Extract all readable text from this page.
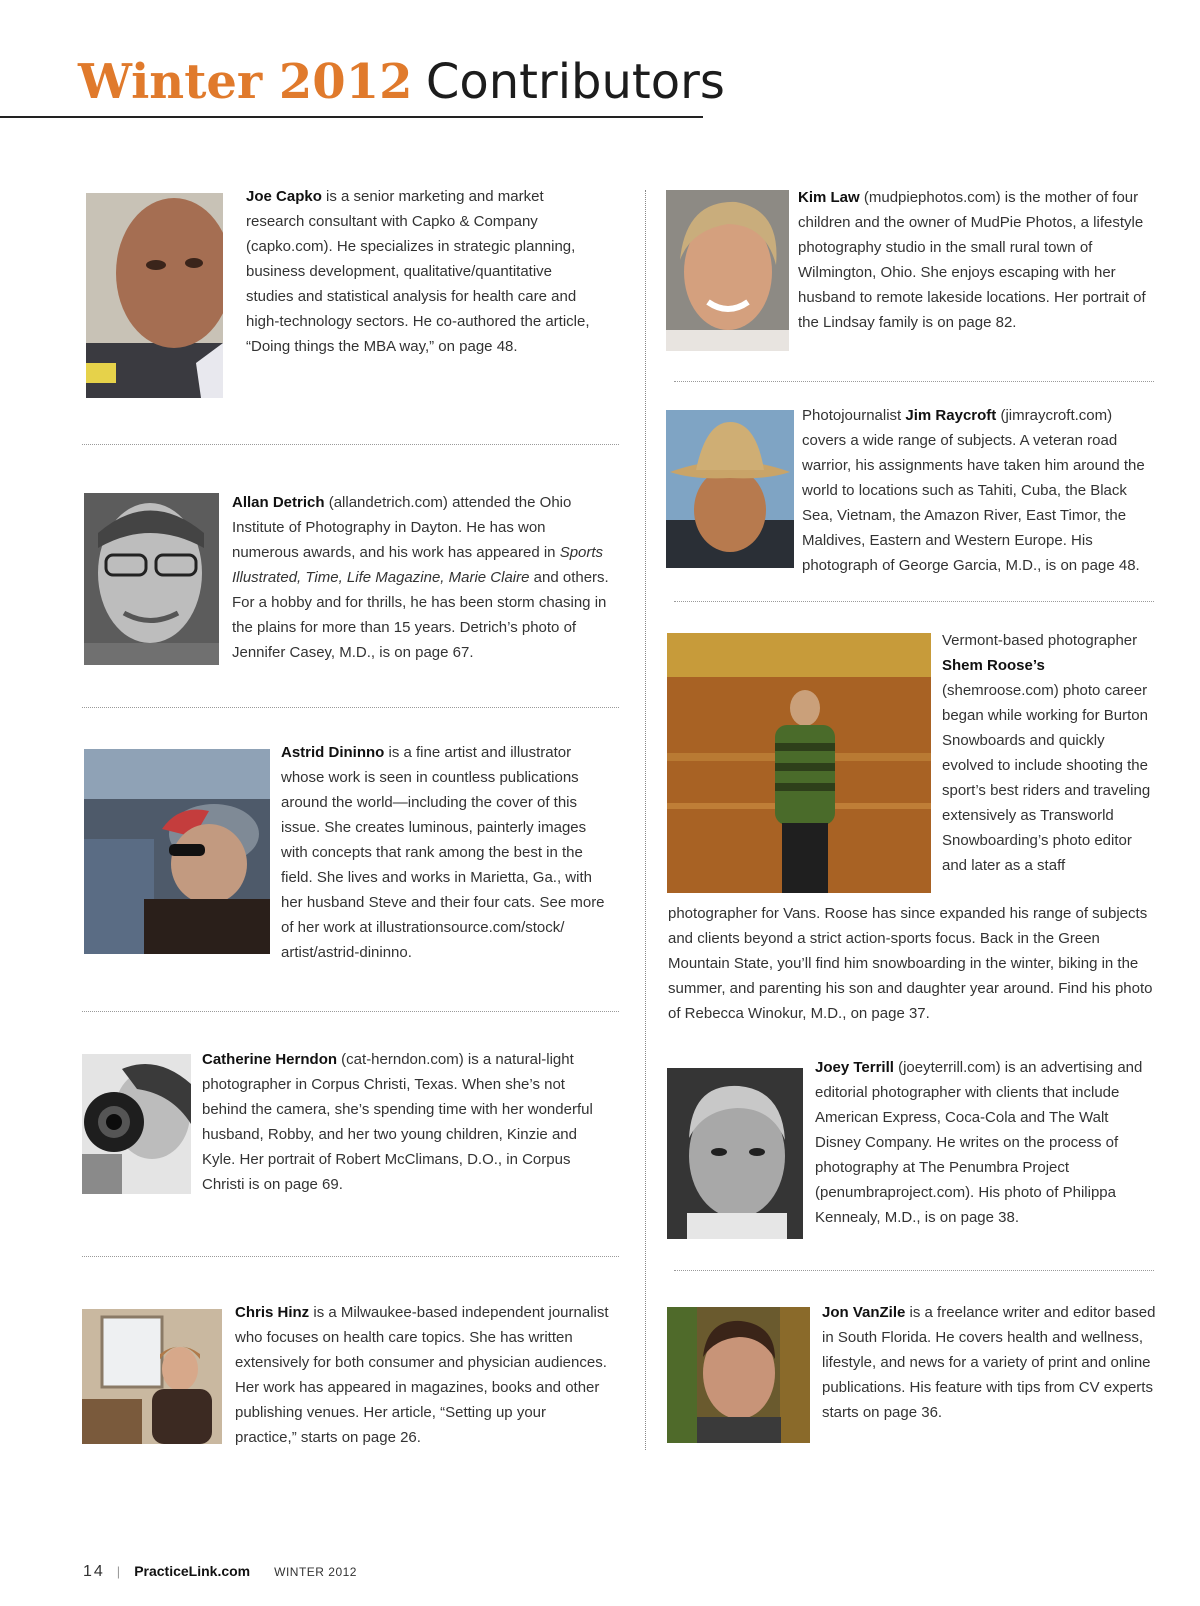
Winter 2012 Contributors

Joe Capko is a senior marketing and market research consultant with Capko & Company (capko.com). He specializes in strategic planning, business development, qualitative/quantitative studies and statistical analysis for health care and high-technology sectors. He co-authored the article, “Doing things the MBA way,” on page 48.

Allan Detrich (allandetrich.com) attended the Ohio Institute of Photography in Dayton. He has won numerous awards, and his work has appeared in Sports Illustrated, Time, Life Magazine, Marie Claire and others. For a hobby and for thrills, he has been storm chasing in the plains for more than 15 years. Detrich’s photo of Jennifer Casey, M.D., is on page 67.

Astrid Dininno is a fine artist and illustrator whose work is seen in countless publications around the world—including the cover of this issue. She creates luminous, painterly images with concepts that rank among the best in the field. She lives and works in Marietta, Ga., with her husband Steve and their four cats. See more of her work at illustrationsource.com/stock/ artist/astrid-dininno.

Catherine Herndon (cat-herndon.com) is a natural-light photographer in Corpus Christi, Texas. When she’s not behind the camera, she’s spending time with her wonderful husband, Robby, and her two young children, Kinzie and Kyle. Her portrait of Robert McClimans, D.O., in Corpus Christi is on page 69.

Chris Hinz is a Milwaukee-based independent journalist who focuses on health care topics. She has written extensively for both consumer and physician audiences. Her work has appeared in magazines, books and other publishing venues. Her article, “Setting up your practice,” starts on page 26.

Kim Law (mudpiephotos.com) is the mother of four children and the owner of MudPie Photos, a lifestyle photography studio in the small rural town of Wilmington, Ohio. She enjoys escaping with her husband to remote lakeside locations. Her portrait of the Lindsay family is on page 82.

Photojournalist Jim Raycroft (jimraycroft.com) covers a wide range of subjects. A veteran road warrior, his assignments have taken him around the world to locations such as Tahiti, Cuba, the Black Sea, Vietnam, the Amazon River, East Timor, the Maldives, Eastern and Western Europe. His photograph of George Garcia, M.D., is on page 48.

Vermont-based photographer
Shem Roose’s
(shemroose.com) photo career began while working for Burton Snowboards and quickly evolved to include shooting the sport’s best riders and traveling extensively as Transworld Snowboarding’s photo editor and later as a staff

photographer for Vans. Roose has since expanded his range of subjects and clients beyond a strict action-sports focus. Back in the Green Mountain State, you’ll find him snowboarding in the winter, biking in the summer, and parenting his son and daughter year around. Find his photo of Rebecca Winokur, M.D., on page 37.

Joey Terrill (joeyterrill.com) is an advertising and editorial photographer with clients that include American Express, Coca-Cola and The Walt Disney Company. He writes on the process of photography at The Penumbra Project (penumbraproject.com). His photo of Philippa Kennealy, M.D., is on page 38.

Jon VanZile is a freelance writer and editor based in South Florida. He covers health and wellness, lifestyle, and news for a variety of print and online publications. His feature with tips from CV experts starts on page 36.

14 | PracticeLink.com WINTER 2012
